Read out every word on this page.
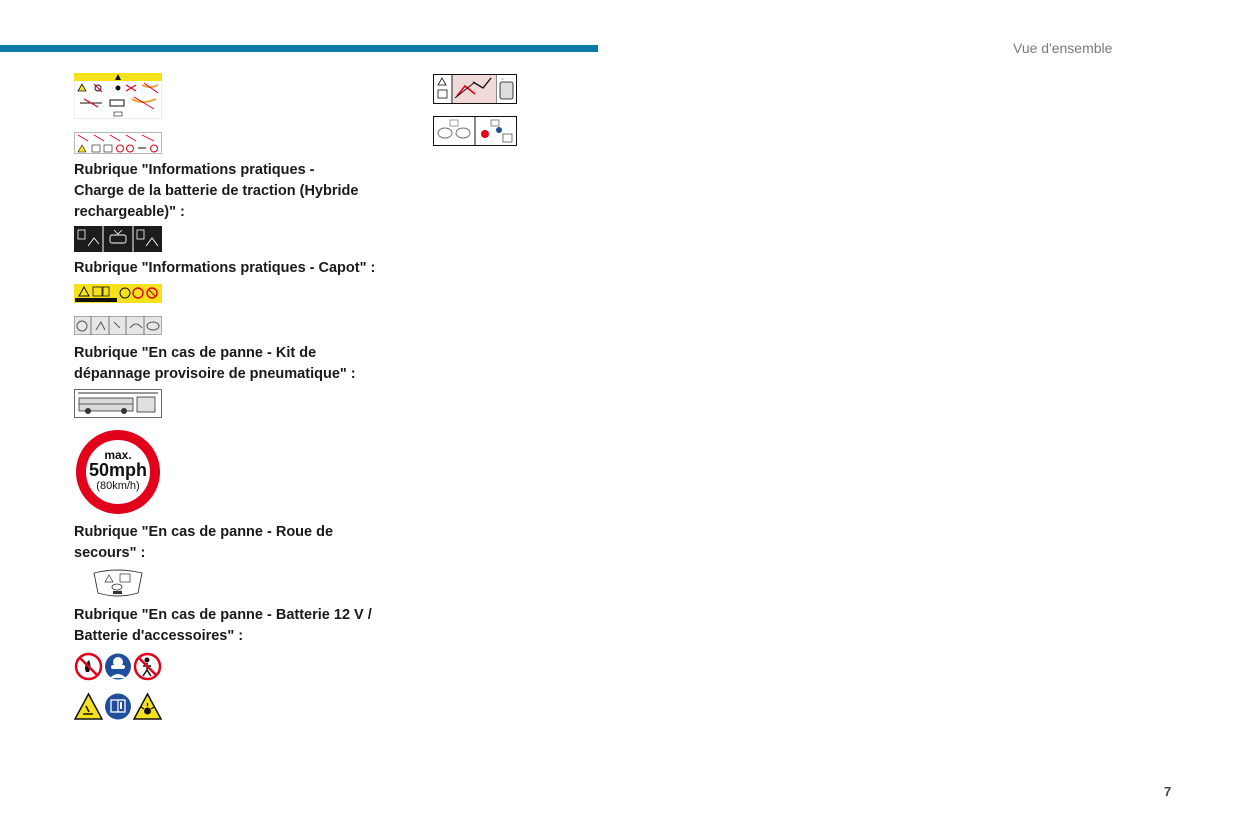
Vue d'ensemble
Rubrique "Informations pratiques -
Charge de la batterie de traction (Hybride
rechargeable)" :
Rubrique "Informations pratiques - Capot" :
Rubrique "En cas de panne - Kit de
dépannage provisoire de pneumatique" :
max.
50mph
(80km/h)
Rubrique "En cas de panne - Roue de
secours" :
Rubrique "En cas de panne - Batterie 12 V /
Batterie d'accessoires" :
~
7
